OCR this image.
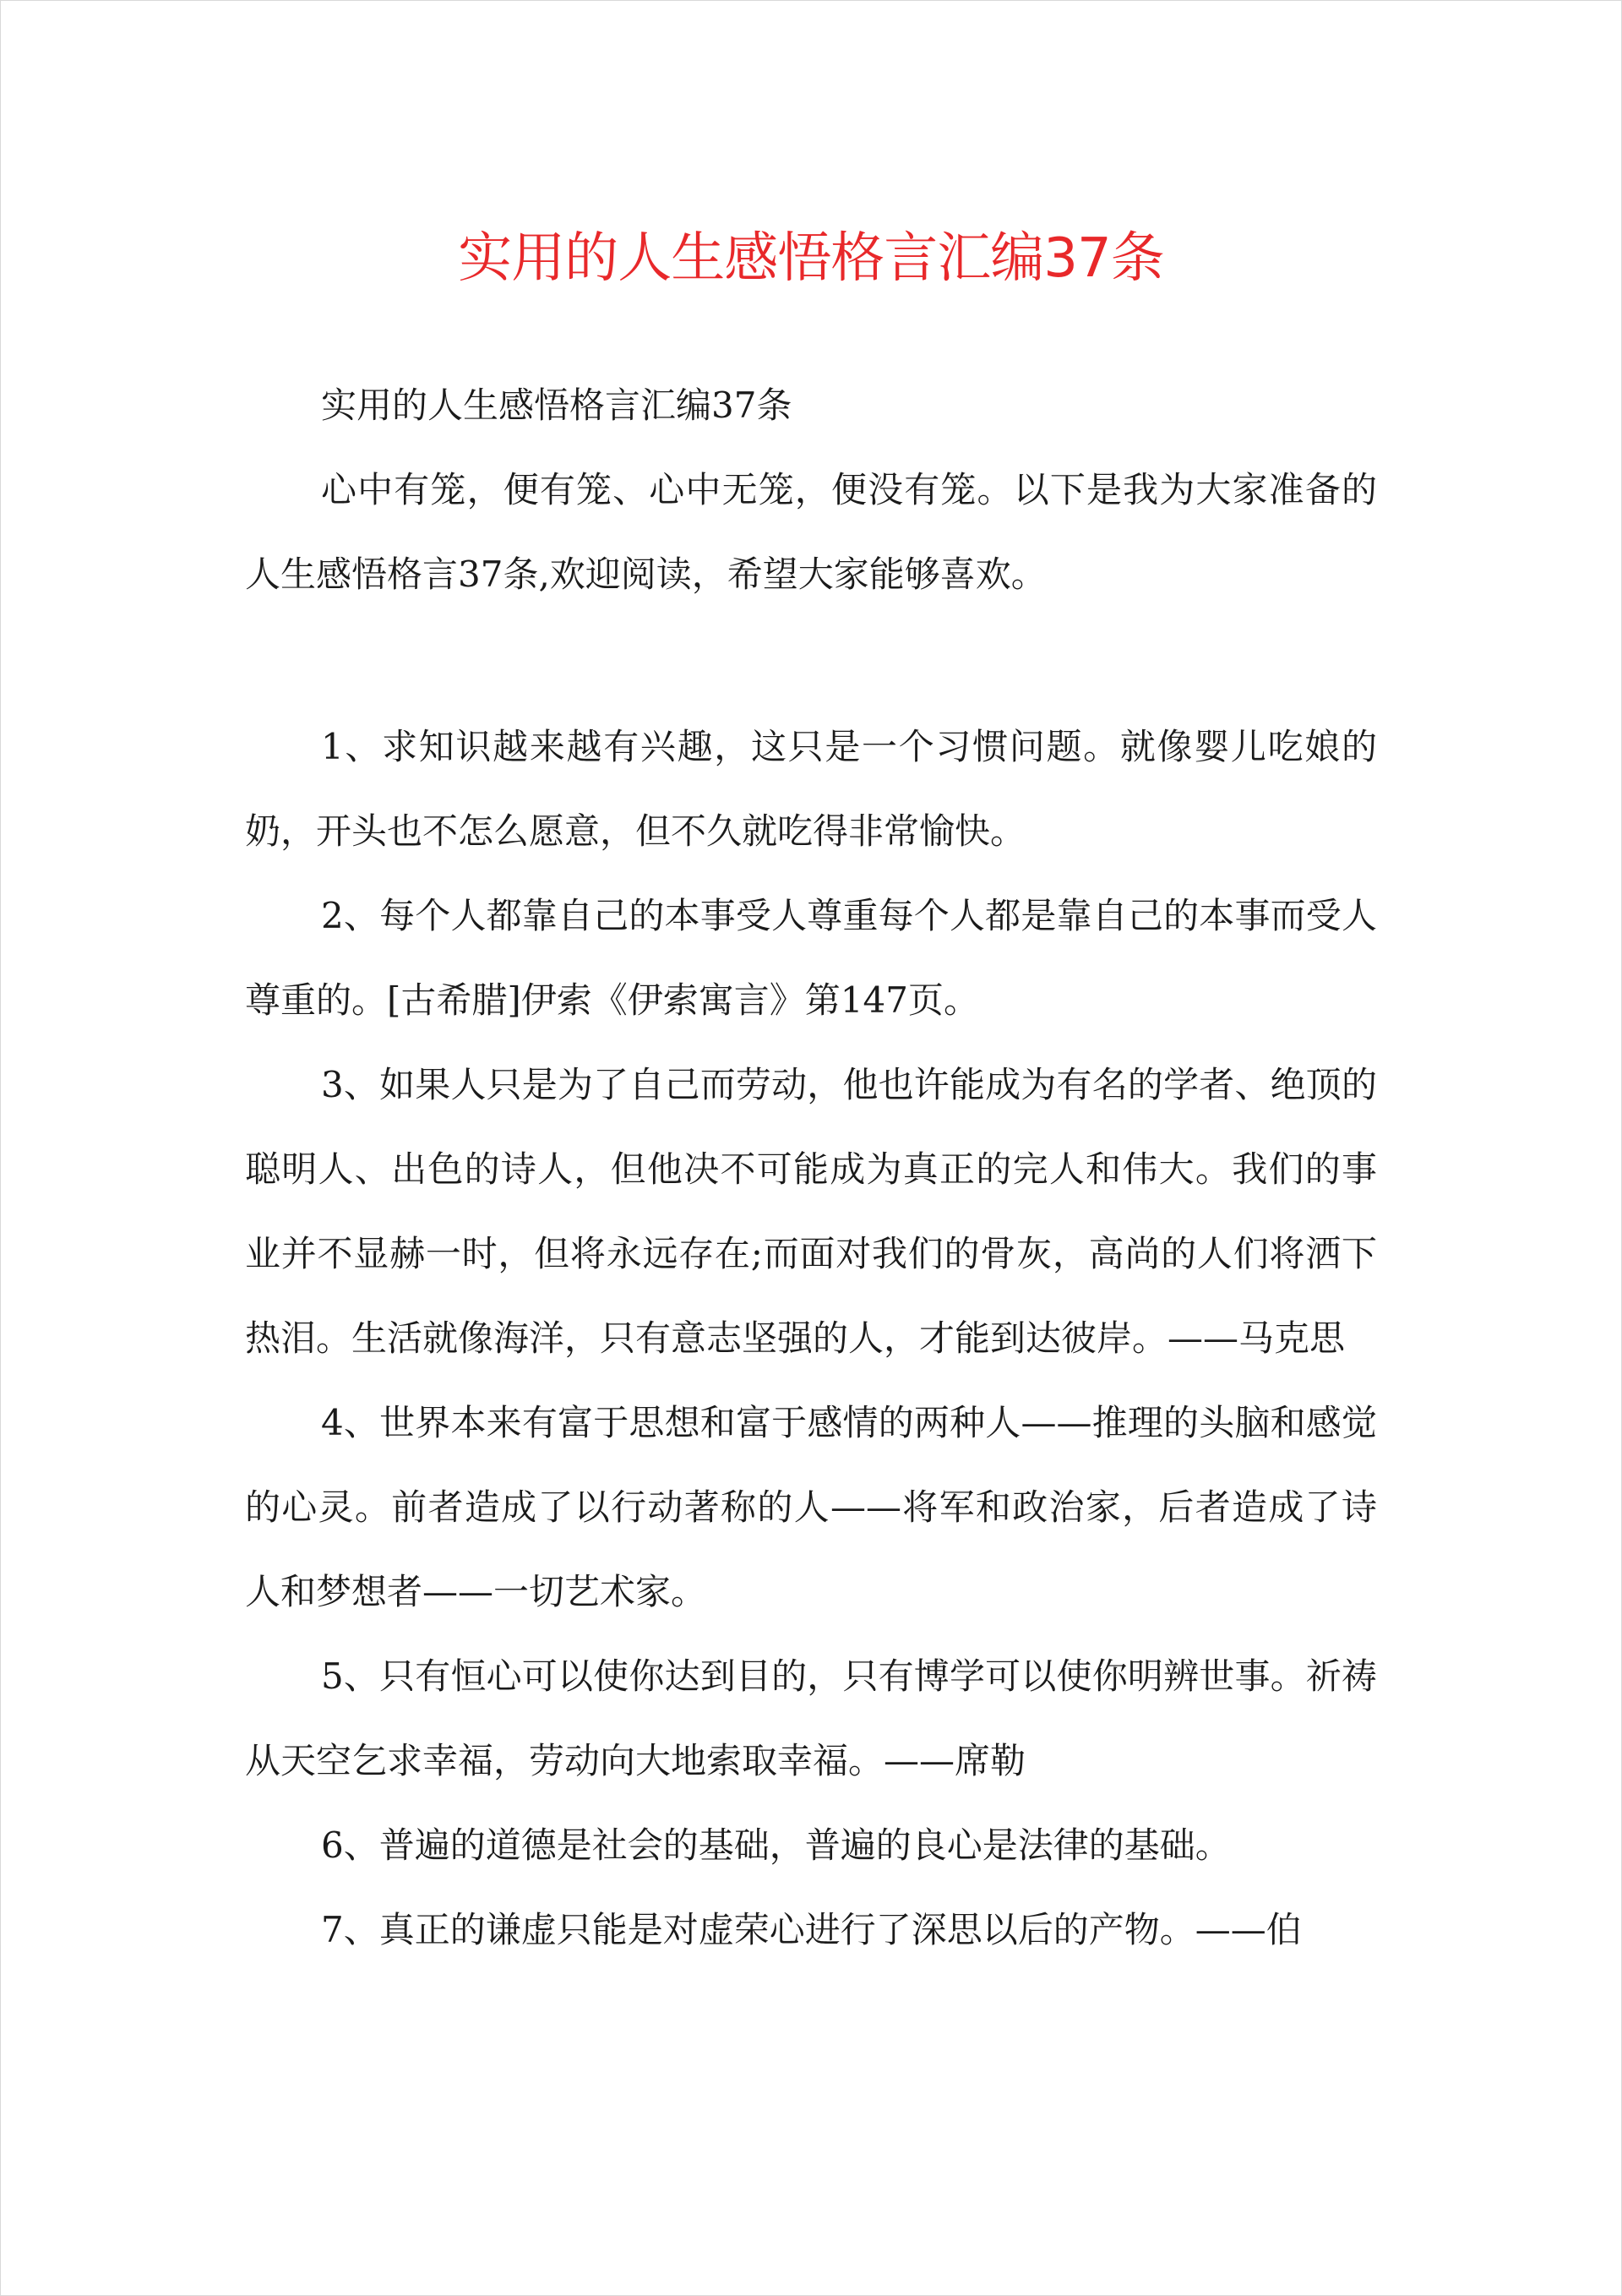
实用的人生感悟格言汇编37条

实用的人生感悟格言汇编37条

心中有笼，便有笼、心中无笼，便没有笼。以下是我为大家准备的人生感悟格言37条,欢迎阅读，希望大家能够喜欢。

1、求知识越来越有兴趣，这只是一个习惯问题。就像婴儿吃娘的奶，开头也不怎么愿意，但不久就吃得非常愉快。

2、每个人都靠自己的本事受人尊重每个人都是靠自己的本事而受人尊重的。[古希腊]伊索《伊索寓言》第147页。

3、如果人只是为了自己而劳动，他也许能成为有名的学者、绝顶的聪明人、出色的诗人，但他决不可能成为真正的完人和伟大。我们的事业并不显赫一时，但将永远存在;而面对我们的骨灰，高尚的人们将洒下热泪。生活就像海洋，只有意志坚强的人，才能到达彼岸。——马克思

4、世界本来有富于思想和富于感情的两种人——推理的头脑和感觉的心灵。前者造成了以行动著称的人——将军和政治家，后者造成了诗人和梦想者——一切艺术家。

5、只有恒心可以使你达到目的，只有博学可以使你明辨世事。祈祷从天空乞求幸福，劳动向大地索取幸福。——席勒

6、普遍的道德是社会的基础，普遍的良心是法律的基础。

7、真正的谦虚只能是对虚荣心进行了深思以后的产物。——伯
